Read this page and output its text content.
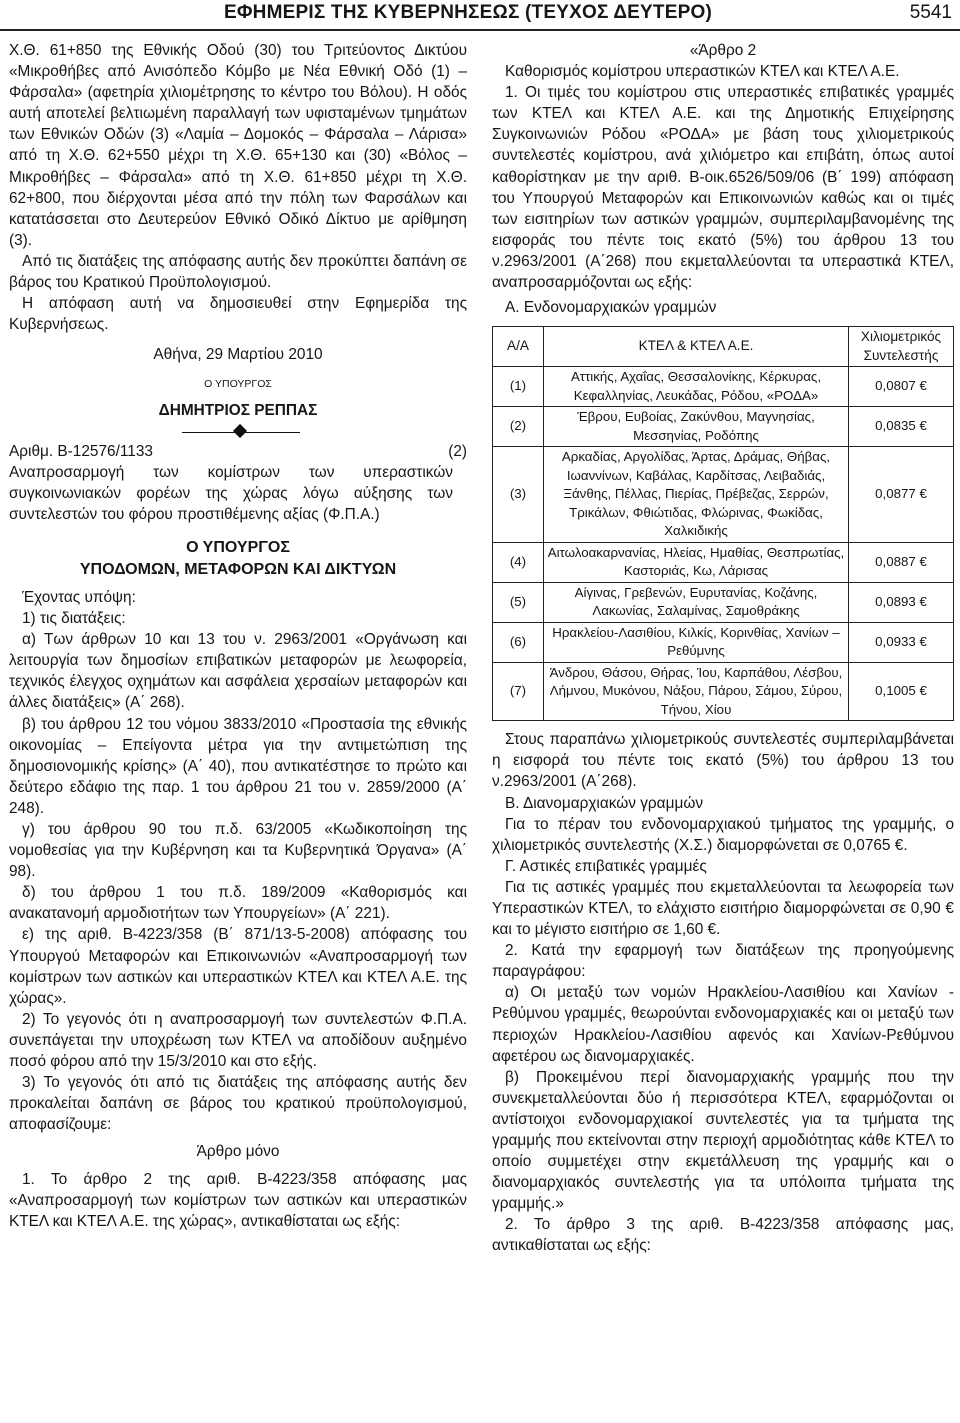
ΕΦΗΜΕΡΙΣ ΤΗΣ ΚΥΒΕΡΝΗΣΕΩΣ (ΤΕΥΧΟΣ ΔΕΥΤΕΡΟ)	5541

Χ.Θ. 61+850 της Εθνικής Οδού (30) του Τριτεύοντος Δικτύου «Μικροθήβες από Ανισόπεδο Κόμβο με Νέα Εθνική Οδό (1) – Φάρσαλα» (αφετηρία χιλιομέτρησης το κέντρο του Βόλου). Η οδός αυτή αποτελεί βελτιωμένη παραλλαγή των υφισταμένων τμημάτων των Εθνικών Οδών (3) «Λαμία – Δομοκός – Φάρσαλα – Λάρισα» από τη Χ.Θ. 62+550 μέχρι τη Χ.Θ. 65+130 και (30) «Βόλος – Μικροθήβες – Φάρσαλα» από τη Χ.Θ. 61+850 μέχρι τη Χ.Θ. 62+800, που διέρχονται μέσα από την πόλη των Φαρσάλων και κατατάσσεται στο Δευτερεύον Εθνικό Οδικό Δίκτυο με αρίθμηση (3).

Από τις διατάξεις της απόφασης αυτής δεν προκύπτει δαπάνη σε βάρος του Κρατικού Προϋπολογισμού.

Η απόφαση αυτή να δημοσιευθεί στην Εφημερίδα της Κυβερνήσεως.

Αθήνα, 29 Μαρτίου 2010

Ο ΥΠΟΥΡΓΟΣ

ΔΗΜΗΤΡΙΟΣ ΡΕΠΠΑΣ

Αριθμ. Β-12576/1133	(2)

Αναπροσαρμογή των κομίστρων των υπεραστικών συγκοινωνιακών φορέων της χώρας λόγω αύξησης των συντελεστών του φόρου προστιθέμενης αξίας (Φ.Π.Α.)

Ο ΥΠΟΥΡΓΟΣ

ΥΠΟΔΟΜΩΝ, ΜΕΤΑΦΟΡΩΝ ΚΑΙ ΔΙΚΤΥΩΝ

Έχοντας υπόψη:

1) τις διατάξεις:

α) Των άρθρων 10 και 13 του ν. 2963/2001 «Οργάνωση και λειτουργία των δημοσίων επιβατικών μεταφορών με λεωφορεία, τεχνικός έλεγχος οχημάτων και ασφάλεια χερσαίων μεταφορών και άλλες διατάξεις» (Α΄ 268).

β) του άρθρου 12 του νόμου 3833/2010 «Προστασία της εθνικής οικονομίας – Επείγοντα μέτρα για την αντιμετώπιση της δημοσιονομικής κρίσης» (Α΄ 40), που αντικατέστησε το πρώτο και δεύτερο εδάφιο της παρ. 1 του άρθρου 21 του ν. 2859/2000 (Α΄ 248).

γ) του άρθρου 90 του π.δ. 63/2005 «Κωδικοποίηση της νομοθεσίας για την Κυβέρνηση και τα Κυβερνητικά Όργανα» (Α΄ 98).

δ) του άρθρου 1 του π.δ. 189/2009 «Καθορισμός και ανακατανομή αρμοδιοτήτων των Υπουργείων» (Α΄ 221).

ε) της αριθ. Β-4223/358 (Β΄ 871/13-5-2008) απόφασης του Υπουργού Μεταφορών και Επικοινωνιών «Αναπροσαρμογή των κομίστρων των αστικών και υπεραστικών ΚΤΕΛ και ΚΤΕΛ Α.Ε. της χώρας».

2) Το γεγονός ότι η αναπροσαρμογή των συντελεστών Φ.Π.Α. συνεπάγεται την υποχρέωση των ΚΤΕΛ να αποδίδουν αυξημένο ποσό φόρου από την 15/3/2010 και στο εξής.

3) Το γεγονός ότι από τις διατάξεις της απόφασης αυτής δεν προκαλείται δαπάνη σε βάρος του κρατικού προϋπολογισμού, αποφασίζουμε:

Άρθρο μόνο

1. Το άρθρο 2 της αριθ. Β-4223/358 απόφασης μας «Αναπροσαρμογή των κομίστρων των αστικών και υπεραστικών ΚΤΕΛ και ΚΤΕΛ Α.Ε. της χώρας», αντικαθίσταται ως εξής:

«Άρθρο 2

Καθορισμός κομίστρου υπεραστικών ΚΤΕΛ και ΚΤΕΛ Α.Ε.

1. Οι τιμές του κομίστρου στις υπεραστικές επιβατικές γραμμές των ΚΤΕΛ και ΚΤΕΛ Α.Ε. και της Δημοτικής Επιχείρησης Συγκοινωνιών Ρόδου «ΡΟΔΑ» με βάση τους χιλιομετρικούς συντελεστές κομίστρου, ανά χιλιόμετρο και επιβάτη, όπως αυτοί καθορίστηκαν με την αριθ. Β-οικ.6526/509/06 (Β΄ 199) απόφαση του Υπουργού Μεταφορών και Επικοινωνιών καθώς και οι τιμές των εισιτηρίων των αστικών γραμμών, συμπεριλαμβανομένης της εισφοράς του πέντε τοις εκατό (5%) του άρθρου 13 του ν.2963/2001 (Α΄268) που εκμεταλλεύονται τα υπεραστικά ΚΤΕΛ, αναπροσαρμόζονται ως εξής:

Α. Ενδονομαρχιακών γραμμών

Α/Α	ΚΤΕΛ & ΚΤΕΛ Α.Ε.	Χιλιομετρικός Συντελεστής
(1)	Αττικής, Αχαΐας, Θεσσαλονίκης, Κέρκυρας, Κεφαλληνίας, Λευκάδας, Ρόδου, «ΡΟΔΑ»	0,0807 €
(2)	Έβρου, Ευβοίας, Ζακύνθου, Μαγνησίας, Μεσσηνίας, Ροδόπης	0,0835 €
(3)	Αρκαδίας, Αργολίδας, Άρτας, Δράμας, Θήβας, Ιωαννίνων, Καβάλας, Καρδίτσας, Λειβαδιάς, Ξάνθης, Πέλλας, Πιερίας, Πρέβεζας, Σερρών, Τρικάλων, Φθιώτιδας, Φλώρινας, Φωκίδας, Χαλκιδικής	0,0877 €
(4)	Αιτωλοακαρνανίας, Ηλείας, Ημαθίας, Θεσπρωτίας, Καστοριάς, Κω, Λάρισας	0,0887 €
(5)	Αίγινας, Γρεβενών, Ευρυτανίας, Κοζάνης, Λακωνίας, Σαλαμίνας, Σαμοθράκης	0,0893 €
(6)	Ηρακλείου-Λασιθίου, Κιλκίς, Κορινθίας, Χανίων – Ρεθύμνης	0,0933 €
(7)	Άνδρου, Θάσου, Θήρας, Ίου, Καρπάθου, Λέσβου, Λήμνου, Μυκόνου, Νάξου, Πάρου, Σάμου, Σύρου, Τήνου, Χίου	0,1005 €

Στους παραπάνω χιλιομετρικούς συντελεστές συμπεριλαμβάνεται η εισφορά του πέντε τοις εκατό (5%) του άρθρου 13 του ν.2963/2001 (Α΄268).

Β. Διανομαρχιακών γραμμών

Για το πέραν του ενδονομαρχιακού τμήματος της γραμμής, ο χιλιομετρικός συντελεστής (Χ.Σ.) διαμορφώνεται σε 0,0765 €.

Γ. Αστικές επιβατικές γραμμές

Για τις αστικές γραμμές που εκμεταλλεύονται τα λεωφορεία των Υπεραστικών ΚΤΕΛ, το ελάχιστο εισιτήριο διαμορφώνεται σε 0,90 € και το μέγιστο εισιτήριο σε 1,60 €.

2. Κατά την εφαρμογή των διατάξεων της προηγούμενης παραγράφου:

α) Οι μεταξύ των νομών Ηρακλείου-Λασιθίου και Χανίων - Ρεθύμνου γραμμές, θεωρούνται ενδονομαρχιακές και οι μεταξύ των περιοχών Ηρακλείου-Λασιθίου αφενός και Χανίων-Ρεθύμνου αφετέρου ως διανομαρχιακές.

β) Προκειμένου περί διανομαρχιακής γραμμής που την συνεκμεταλλεύονται δύο ή περισσότερα ΚΤΕΛ, εφαρμόζονται οι αντίστοιχοι ενδονομαρχιακοί συντελεστές για τα τμήματα της γραμμής που εκτείνονται στην περιοχή αρμοδιότητας κάθε ΚΤΕΛ το οποίο συμμετέχει στην εκμετάλλευση της γραμμής και ο διανομαρχιακός συντελεστής για τα υπόλοιπα τμήματα της γραμμής.»

2. Το άρθρο 3 της αριθ. Β-4223/358 απόφασης μας, αντικαθίσταται ως εξής:
